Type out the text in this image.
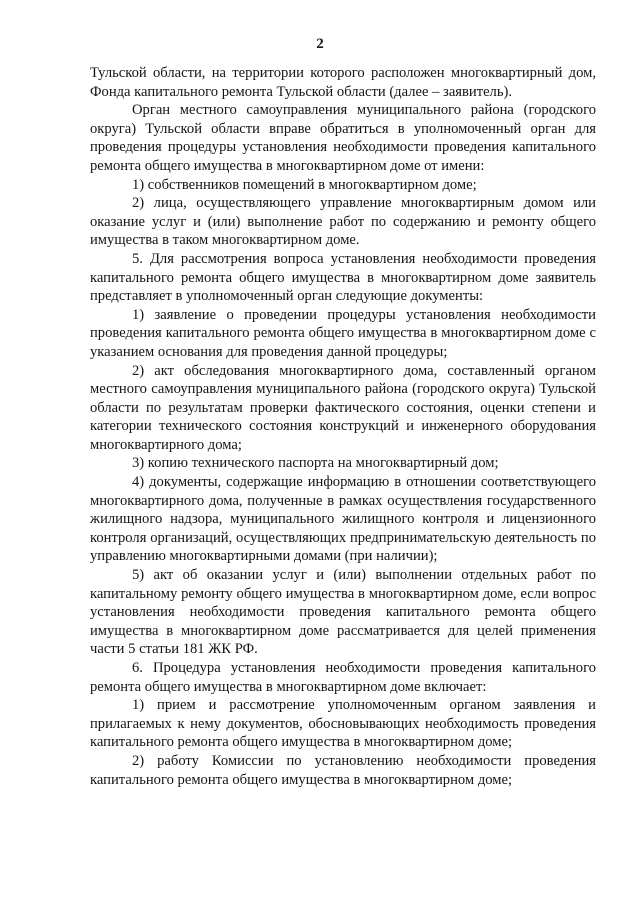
2

Тульской области, на территории которого расположен многоквартирный дом, Фонда капитального ремонта Тульской области (далее – заявитель).

Орган местного самоуправления муниципального района (городского округа) Тульской области вправе обратиться в уполномоченный орган для проведения процедуры установления необходимости проведения капитального ремонта общего имущества в многоквартирном доме от имени:

1) собственников помещений в многоквартирном доме;

2) лица, осуществляющего управление многоквартирным домом или оказание услуг и (или) выполнение работ по содержанию и ремонту общего имущества в таком многоквартирном доме.

5. Для рассмотрения вопроса установления необходимости проведения капитального ремонта общего имущества в многоквартирном доме заявитель представляет в уполномоченный орган следующие документы:

1) заявление о проведении процедуры установления необходимости проведения капитального ремонта общего имущества в многоквартирном доме с указанием основания для проведения данной процедуры;

2) акт обследования многоквартирного дома, составленный органом местного самоуправления муниципального района (городского округа) Тульской области по результатам проверки фактического состояния, оценки степени и категории технического состояния конструкций и инженерного оборудования многоквартирного дома;

3) копию технического паспорта на многоквартирный дом;

4) документы, содержащие информацию в отношении соответствующего многоквартирного дома, полученные в рамках осуществления государственного жилищного надзора, муниципального жилищного контроля и лицензионного контроля организаций, осуществляющих предпринимательскую деятельность по управлению многоквартирными домами (при наличии);

5) акт об оказании услуг и (или) выполнении отдельных работ по капитальному ремонту общего имущества в многоквартирном доме, если вопрос установления необходимости проведения капитального ремонта общего имущества в многоквартирном доме рассматривается для целей применения части 5 статьи 181 ЖК РФ.

6. Процедура установления необходимости проведения капитального ремонта общего имущества в многоквартирном доме включает:

1) прием и рассмотрение уполномоченным органом заявления и прилагаемых к нему документов, обосновывающих необходимость проведения капитального ремонта общего имущества в многоквартирном доме;

2) работу Комиссии по установлению необходимости проведения капитального ремонта общего имущества в многоквартирном доме;
